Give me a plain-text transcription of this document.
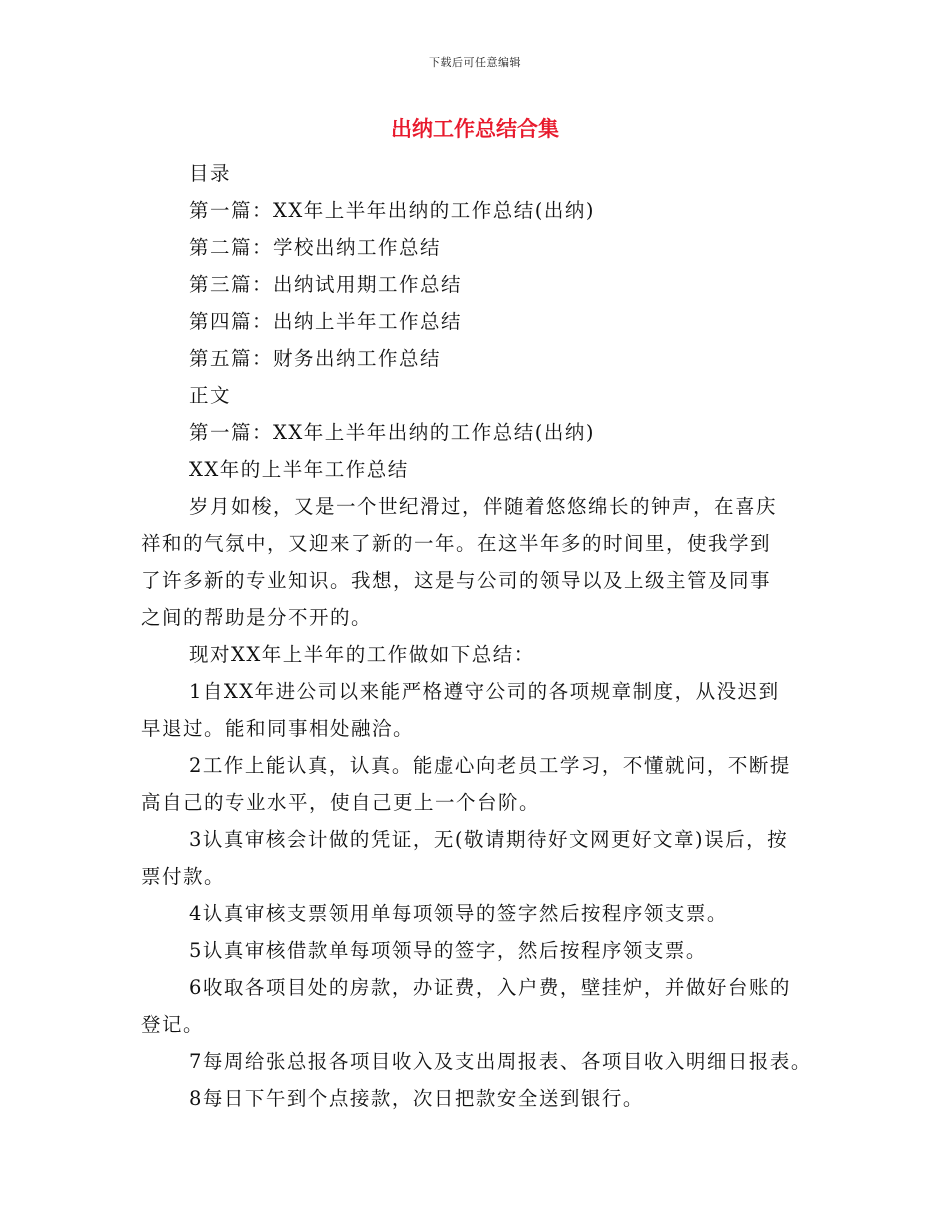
下载后可任意编辑
出纳工作总结合集
目录
第一篇：XX年上半年出纳的工作总结(出纳)
第二篇：学校出纳工作总结
第三篇：出纳试用期工作总结
第四篇：出纳上半年工作总结
第五篇：财务出纳工作总结
正文
第一篇：XX年上半年出纳的工作总结(出纳)
XX年的上半年工作总结
岁月如梭，又是一个世纪滑过，伴随着悠悠绵长的钟声，在喜庆
祥和的气氛中，又迎来了新的一年。在这半年多的时间里，使我学到
了许多新的专业知识。我想，这是与公司的领导以及上级主管及同事
之间的帮助是分不开的。
现对XX年上半年的工作做如下总结：
1自XX年进公司以来能严格遵守公司的各项规章制度，从没迟到
早退过。能和同事相处融洽。
2工作上能认真，认真。能虚心向老员工学习，不懂就问，不断提
高自己的专业水平，使自己更上一个台阶。
3认真审核会计做的凭证，无(敬请期待好文网更好文章)误后，按
票付款。
4认真审核支票领用单每项领导的签字然后按程序领支票。
5认真审核借款单每项领导的签字，然后按程序领支票。
6收取各项目处的房款，办证费，入户费，壁挂炉，并做好台账的
登记。
7每周给张总报各项目收入及支出周报表、各项目收入明细日报表。
8每日下午到个点接款，次日把款安全送到银行。
